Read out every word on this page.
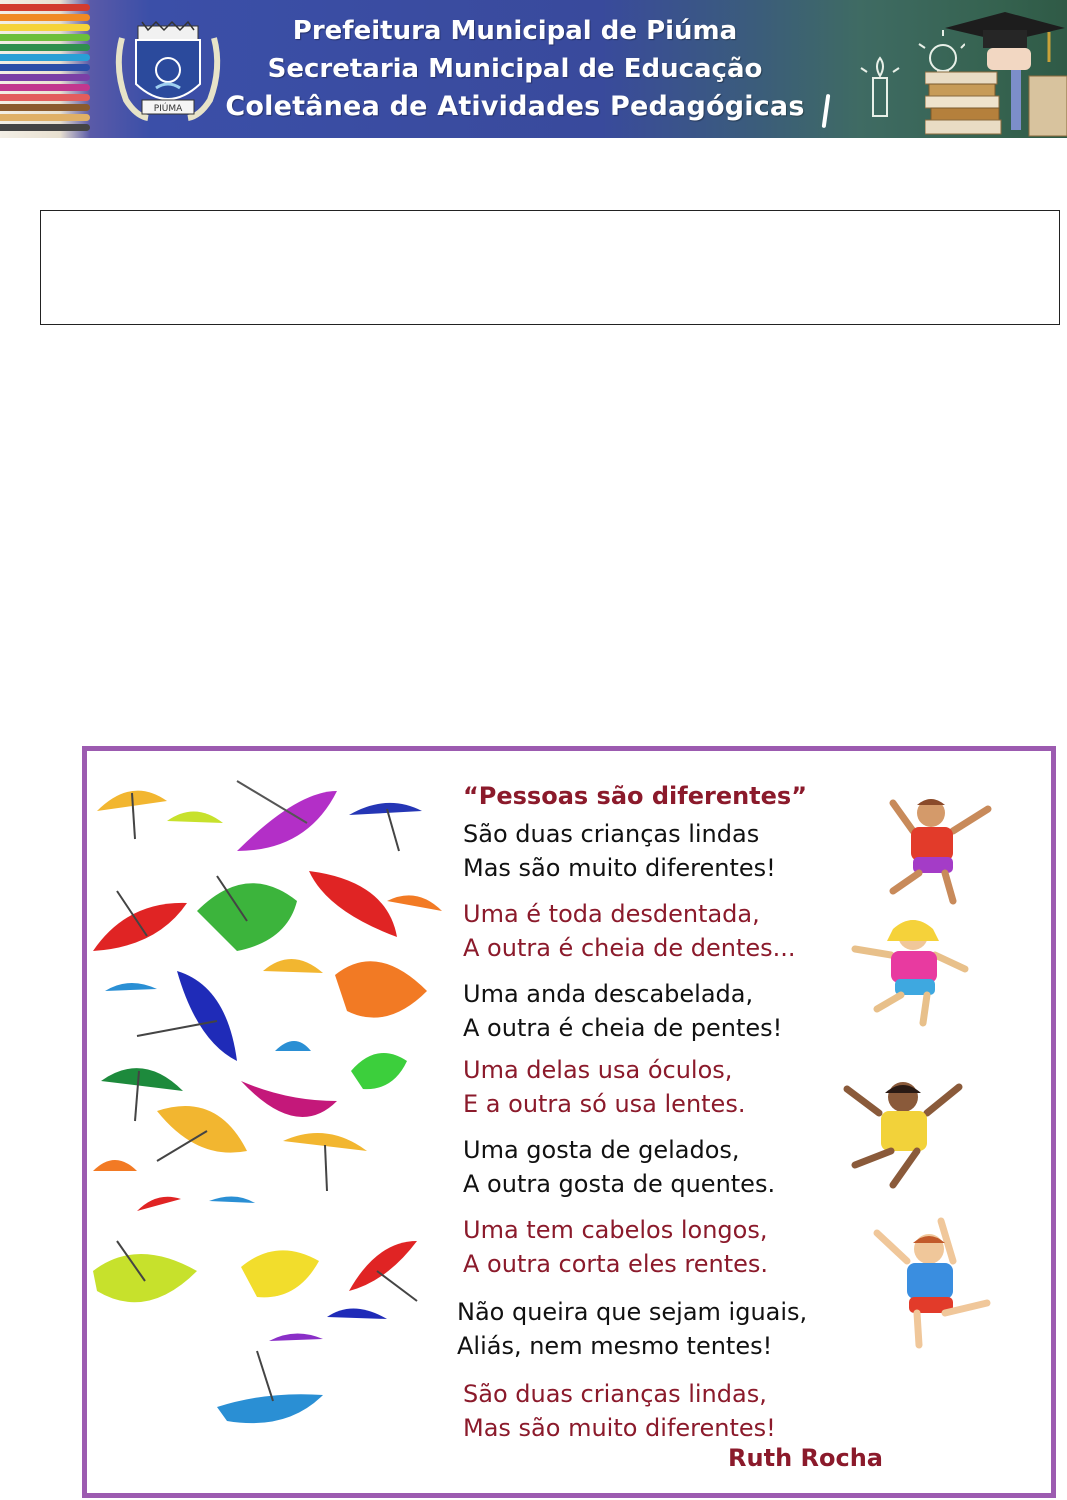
PIÚMA
Prefeitura Municipal de Piúma
Secretaria Municipal de Educação
Coletânea de Atividades Pedagógicas
“Pessoas são diferentes”
São duas crianças lindas
Mas são muito diferentes!
Uma é toda desdentada,
A outra é cheia de dentes...
Uma anda descabelada,
A outra é cheia de pentes!
Uma delas usa óculos,
E a outra só usa lentes.
Uma gosta de gelados,
A outra gosta de quentes.
Uma tem cabelos longos,
A outra corta eles rentes.
Não queira que sejam iguais,
Aliás, nem mesmo tentes!
São duas crianças lindas,
Mas são muito diferentes!
Ruth Rocha
